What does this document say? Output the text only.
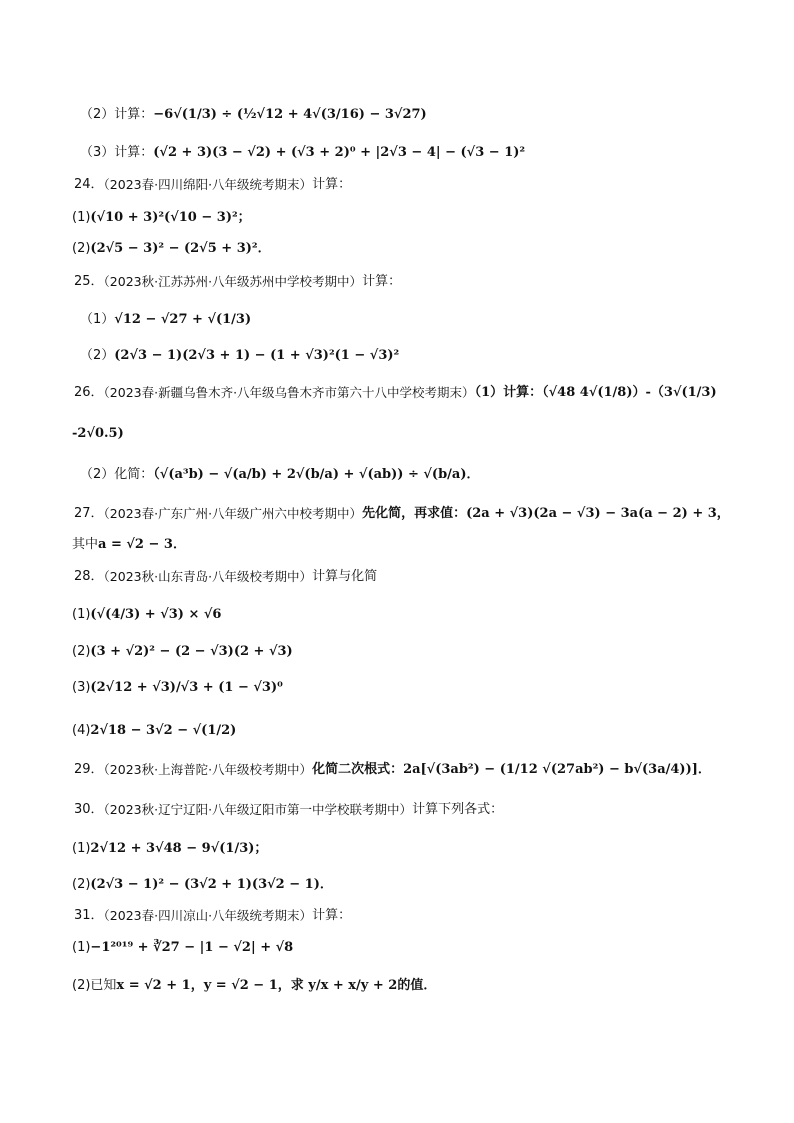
（2）计算：−6√(1/3) ÷ (½√12 + 4√(3/16) − 3√27)
（3）计算：(√2 + 3)(3 − √2) + (√3 + 2)⁰ + |2√3 − 4| − (√3 − 1)²
24．（2023春·四川绵阳·八年级统考期末）计算：
(1)(√10 + 3)²(√10 − 3)²；
(2)(2√5 − 3)² − (2√5 + 3)²．
25．（2023秋·江苏苏州·八年级苏州中学校考期中）计算：
（1）√12 − √27 + √(1/3)
（2）(2√3 − 1)(2√3 + 1) − (1 + √3)²(1 − √3)²
26．（2023春·新疆乌鲁木齐·八年级乌鲁木齐市第六十八中学校考期末）（1）计算：（√48 4√(1/8)）-（3√(1/3)
-2√0.5)
（2）化简：（√(a³b) − √(a/b) + 2√(b/a) + √(ab)) ÷ √(b/a)．
27．（2023春·广东广州·八年级广州六中校考期中）先化简，再求值：(2a + √3)(2a − √3) − 3a(a − 2) + 3，
其中a = √2 − 3．
28．（2023秋·山东青岛·八年级校考期中）计算与化简
(1)(√(4/3) + √3) × √6
(2)(3 + √2)² − (2 − √3)(2 + √3)
(3)(2√12 + √3)/√3 + (1 − √3)⁰
(4)2√18 − 3√2 − √(1/2)
29．（2023秋·上海普陀·八年级校考期中）化简二次根式：2a[√(3ab²) − (1/12 √(27ab²) − b√(3a/4))]．
30．（2023秋·辽宁辽阳·八年级辽阳市第一中学校联考期中）计算下列各式：
(1)2√12 + 3√48 − 9√(1/3)；
(2)(2√3 − 1)² − (3√2 + 1)(3√2 − 1)．
31．（2023春·四川凉山·八年级统考期末）计算：
(1)−1²⁰¹⁹ + ∛27 − |1 − √2| + √8
(2)已知x = √2 + 1，y = √2 − 1，求 y/x + x/y + 2的值．
